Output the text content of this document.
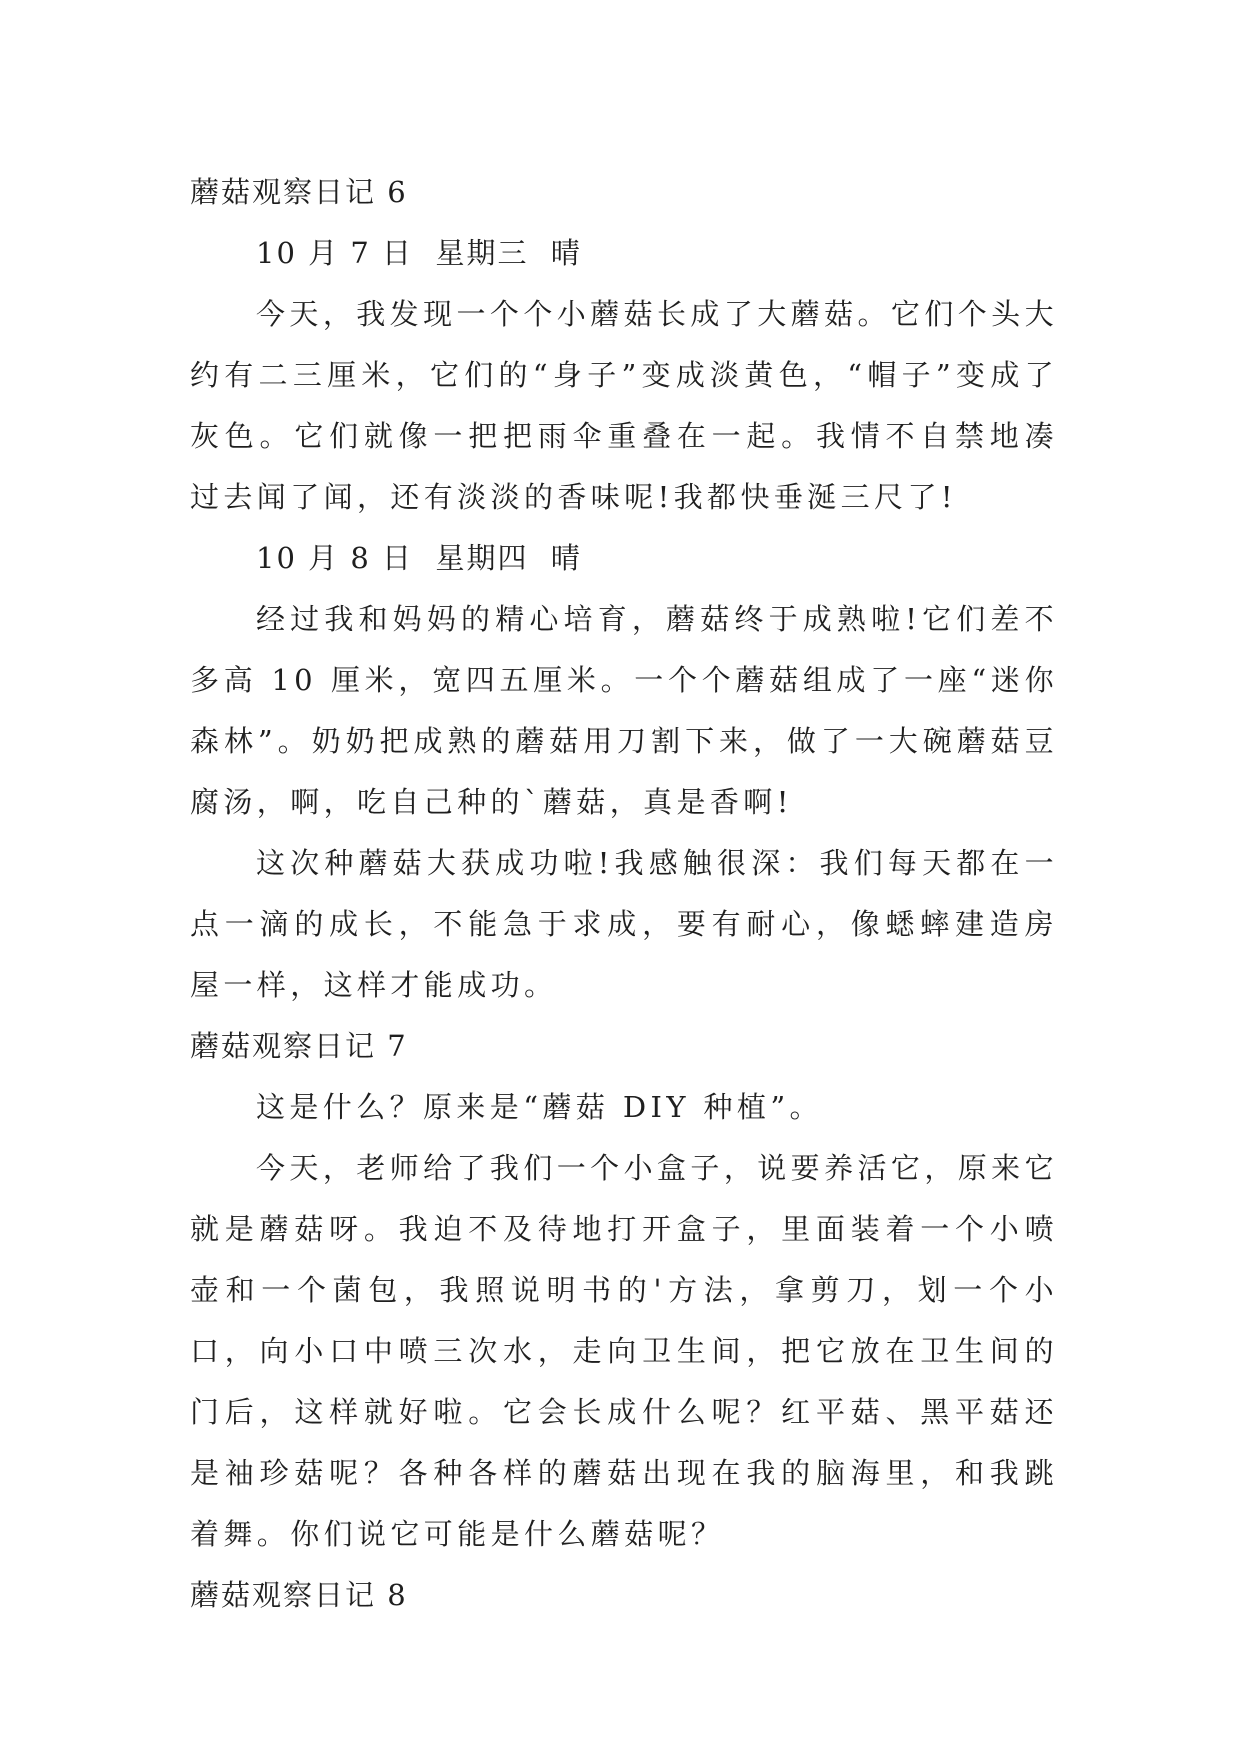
蘑菇观察日记 6

10 月 7 日  星期三  晴

今天，我发现一个个小蘑菇长成了大蘑菇。它们个头大约有二三厘米，它们的“身子”变成淡黄色，“帽子”变成了灰色。它们就像一把把雨伞重叠在一起。我情不自禁地凑过去闻了闻，还有淡淡的香味呢!我都快垂涎三尺了!

10 月 8 日  星期四  晴

经过我和妈妈的精心培育，蘑菇终于成熟啦!它们差不多高 10 厘米，宽四五厘米。一个个蘑菇组成了一座“迷你森林”。奶奶把成熟的蘑菇用刀割下来，做了一大碗蘑菇豆腐汤，啊，吃自己种的`蘑菇，真是香啊!

这次种蘑菇大获成功啦!我感触很深：我们每天都在一点一滴的成长，不能急于求成，要有耐心，像蟋蟀建造房屋一样，这样才能成功。

蘑菇观察日记 7

这是什么？原来是“蘑菇 DIY 种植”。

今天，老师给了我们一个小盒子，说要养活它，原来它就是蘑菇呀。我迫不及待地打开盒子，里面装着一个小喷壶和一个菌包，我照说明书的'方法，拿剪刀，划一个小口，向小口中喷三次水，走向卫生间，把它放在卫生间的门后，这样就好啦。它会长成什么呢？红平菇、黑平菇还是袖珍菇呢？各种各样的蘑菇出现在我的脑海里，和我跳着舞。你们说它可能是什么蘑菇呢？

蘑菇观察日记 8
